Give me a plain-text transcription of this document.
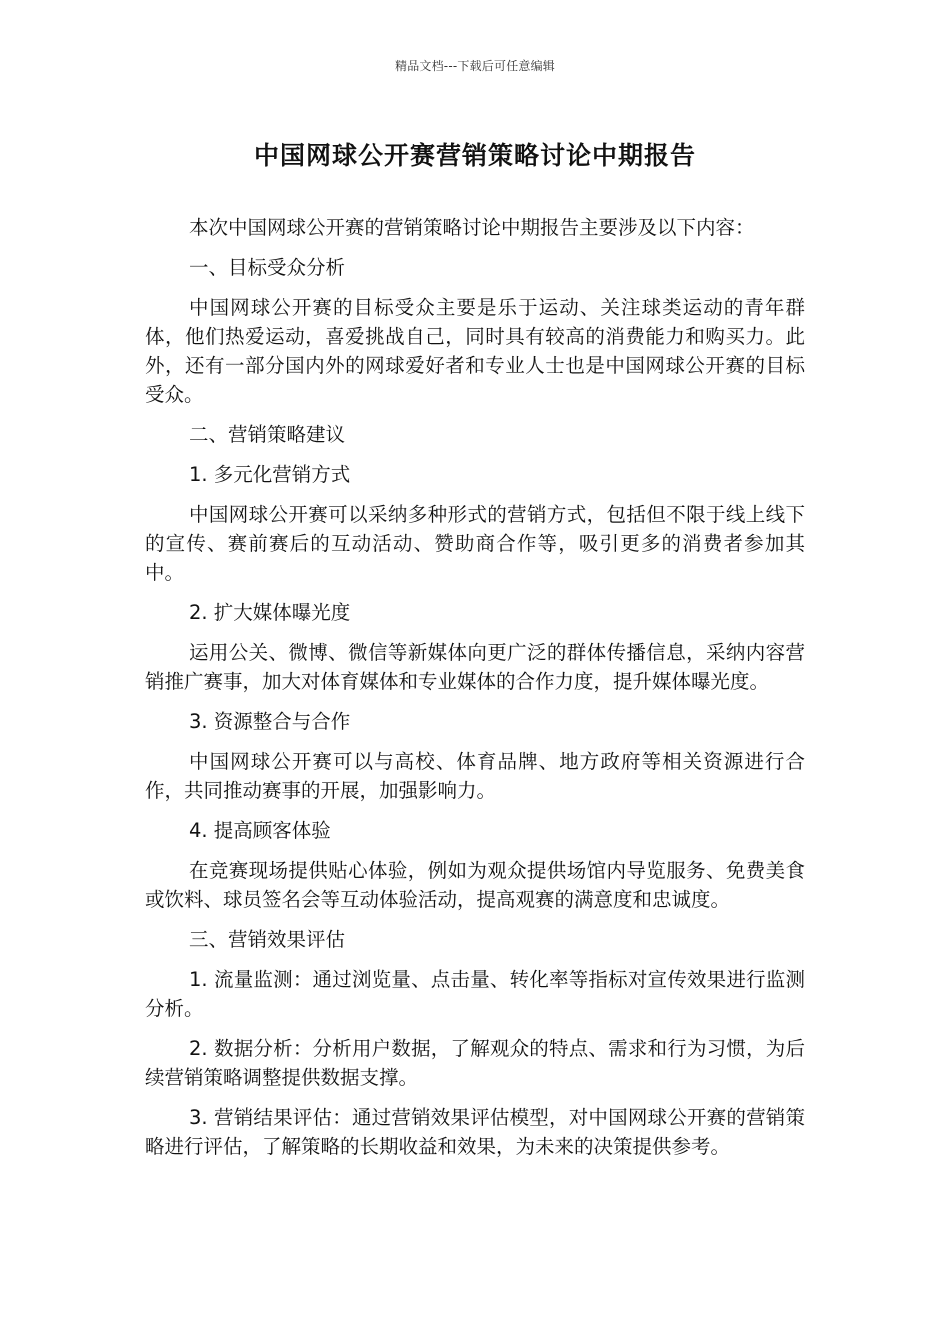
精品文档---下载后可任意编辑
中国网球公开赛营销策略讨论中期报告

本次中国网球公开赛的营销策略讨论中期报告主要涉及以下内容：

一、目标受众分析

中国网球公开赛的目标受众主要是乐于运动、关注球类运动的青年群体，他们热爱运动，喜爱挑战自己，同时具有较高的消费能力和购买力。此外，还有一部分国内外的网球爱好者和专业人士也是中国网球公开赛的目标受众。

二、营销策略建议

1. 多元化营销方式

中国网球公开赛可以采纳多种形式的营销方式，包括但不限于线上线下的宣传、赛前赛后的互动活动、赞助商合作等，吸引更多的消费者参加其中。

2. 扩大媒体曝光度

运用公关、微博、微信等新媒体向更广泛的群体传播信息，采纳内容营销推广赛事，加大对体育媒体和专业媒体的合作力度，提升媒体曝光度。

3. 资源整合与合作

中国网球公开赛可以与高校、体育品牌、地方政府等相关资源进行合作，共同推动赛事的开展，加强影响力。

4. 提高顾客体验

在竞赛现场提供贴心体验，例如为观众提供场馆内导览服务、免费美食或饮料、球员签名会等互动体验活动，提高观赛的满意度和忠诚度。

三、营销效果评估

1. 流量监测：通过浏览量、点击量、转化率等指标对宣传效果进行监测分析。

2. 数据分析：分析用户数据，了解观众的特点、需求和行为习惯，为后续营销策略调整提供数据支撑。

3. 营销结果评估：通过营销效果评估模型，对中国网球公开赛的营销策略进行评估，了解策略的长期收益和效果，为未来的决策提供参考。
